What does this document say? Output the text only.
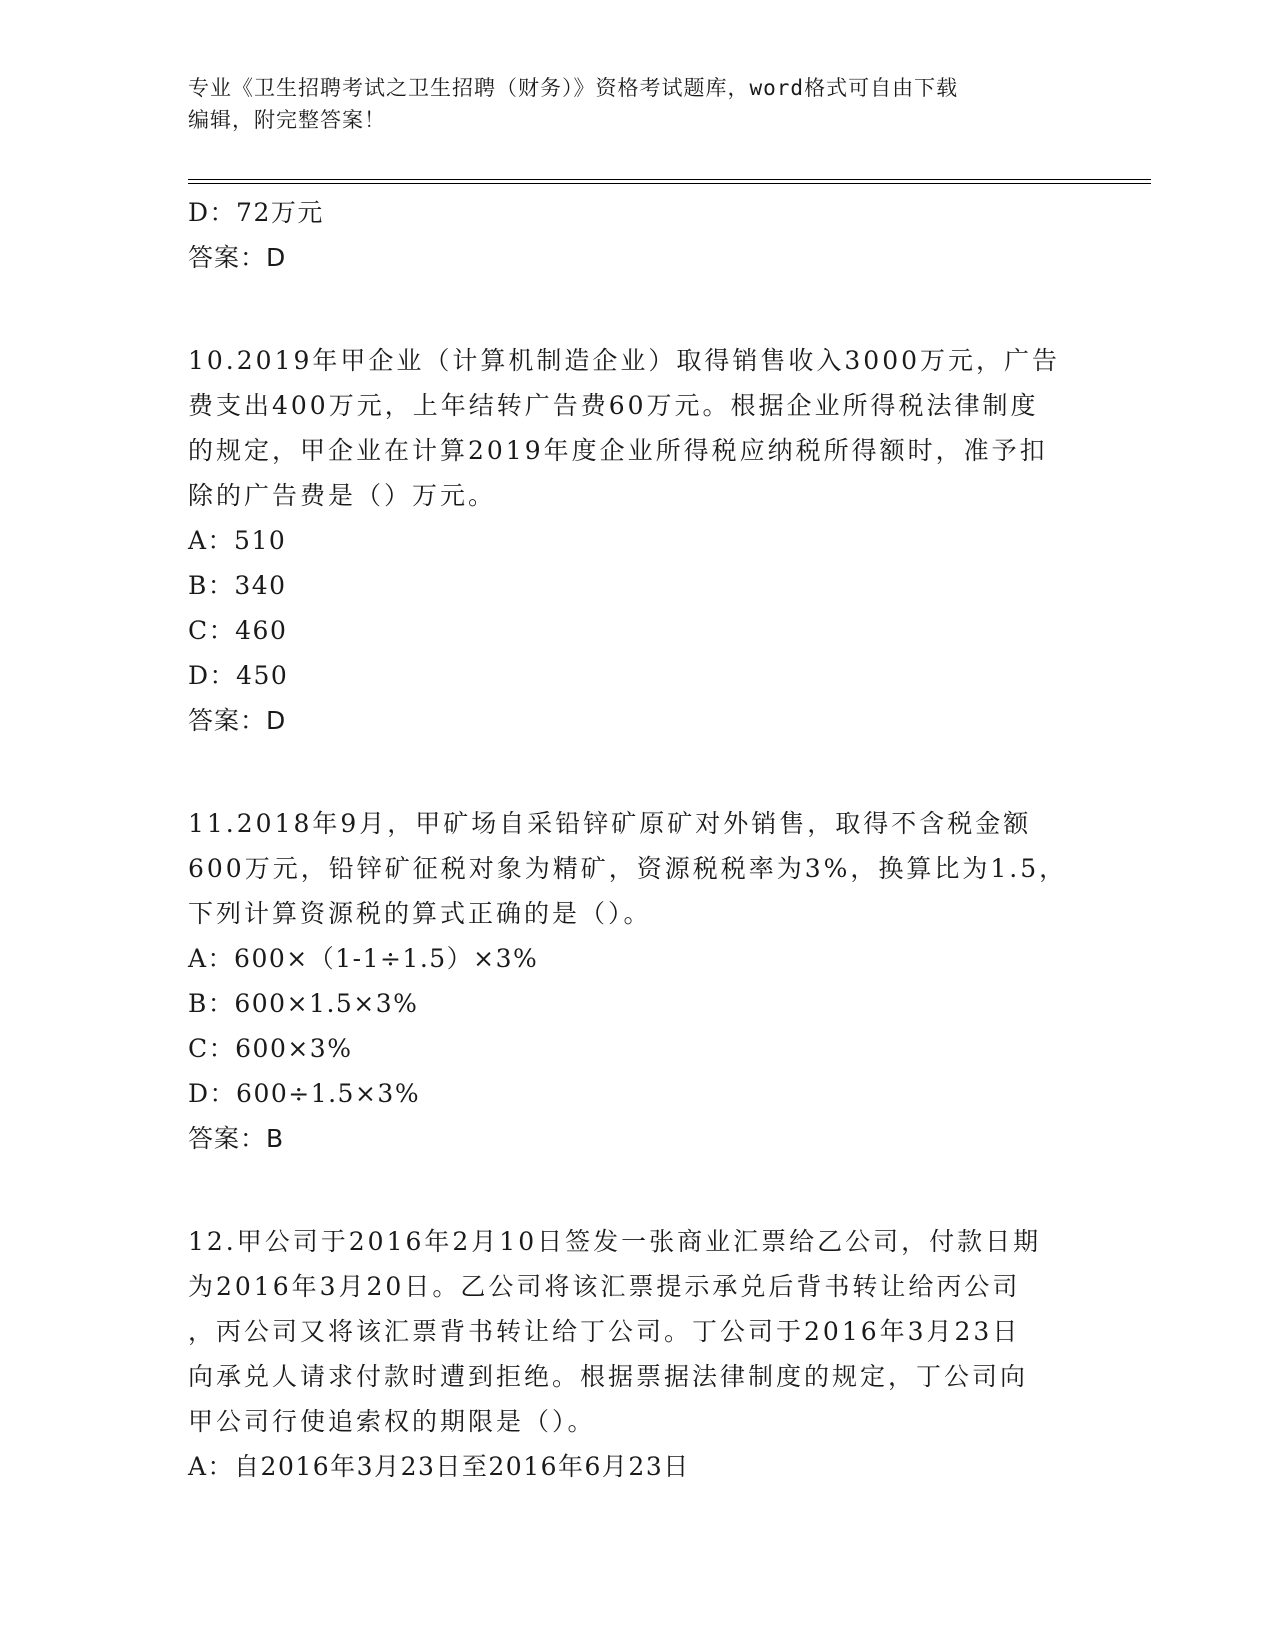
专业《卫生招聘考试之卫生招聘（财务）》资格考试题库，word格式可自由下载
编辑，附完整答案！
D：72万元
答案：D
10.2019年甲企业（计算机制造企业）取得销售收入3000万元，广告
费支出400万元，上年结转广告费60万元。根据企业所得税法律制度
的规定，甲企业在计算2019年度企业所得税应纳税所得额时，准予扣
除的广告费是（）万元。
A：510
B：340
C：460
D：450
答案：D
11.2018年9月，甲矿场自采铅锌矿原矿对外销售，取得不含税金额
600万元，铅锌矿征税对象为精矿，资源税税率为3%，换算比为1.5，
下列计算资源税的算式正确的是（）。
A：600×（1-1÷1.5）×3%
B：600×1.5×3%
C：600×3%
D：600÷1.5×3%
答案：B
12.甲公司于2016年2月10日签发一张商业汇票给乙公司，付款日期
为2016年3月20日。乙公司将该汇票提示承兑后背书转让给丙公司
，丙公司又将该汇票背书转让给丁公司。丁公司于2016年3月23日
向承兑人请求付款时遭到拒绝。根据票据法律制度的规定，丁公司向
甲公司行使追索权的期限是（）。
A：自2016年3月23日至2016年6月23日
